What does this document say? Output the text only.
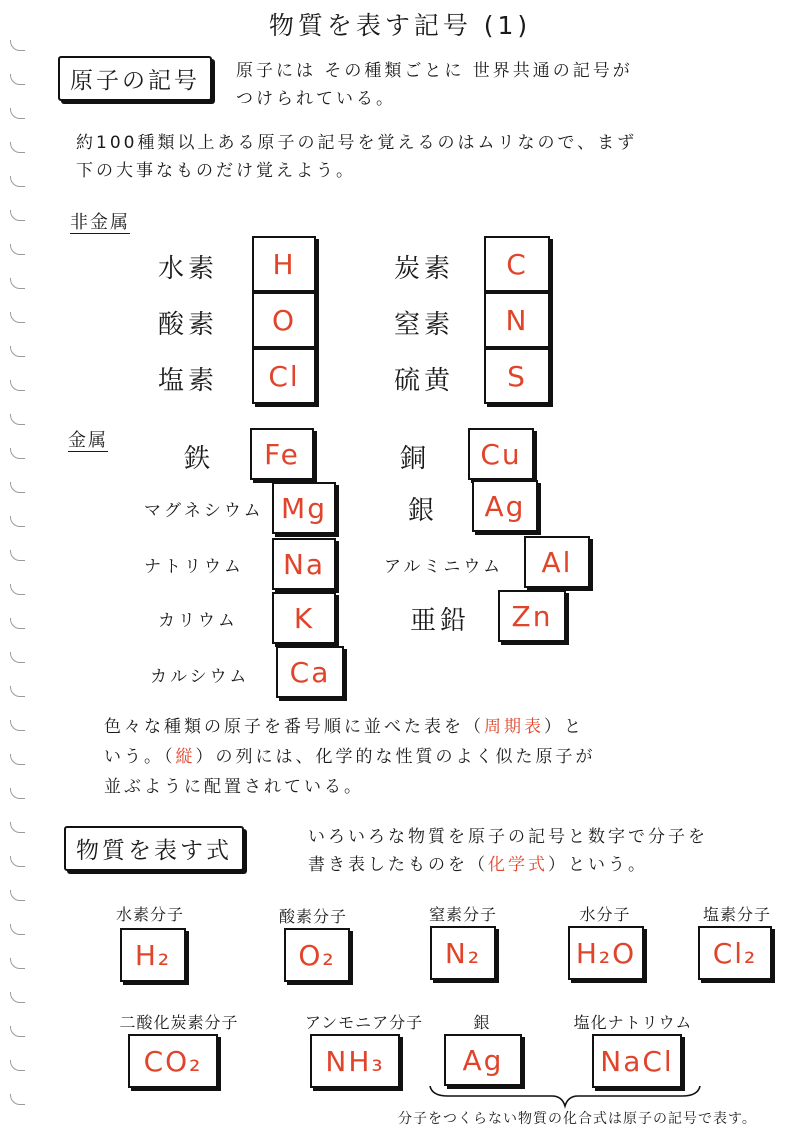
物質を表す記号 (1)
原子の記号	原子には その種類ごとに 世界共通の記号が
つけられている。
約100種類以上ある原子の記号を覚えるのはムリなので、まず
下の大事なものだけ覚えよう。
非金属
水素	H	炭素	C
酸素	O	窒素	N
塩素	Cl	硫黄	S
金属
鉄	Fe	銅	Cu
マグネシウム Mg	銀	Ag
ナトリウム	Na	アルミニウム	Al
カリウム	K	亜鉛	Zn
カルシウム	Ca
色々な種類の原子を番号順に並べた表を（周期表）と
いう。（縦）の列には、化学的な性質のよく似た原子が
並ぶように配置されている。
物質を表す式
いろいろな物質を原子の記号と数字で分子を
書き表したものを（化学式）という。
水素分子
H₂
酸素分子
O₂
窒素分子
N₂
水分子
H₂O
塩素分子
Cl₂
二酸化炭素分子
CO₂
アンモニア分子
NH₃
銀
Ag
塩化ナトリウム
NaCl
分子をつくらない物質の化合式は原子の記号で表す。
